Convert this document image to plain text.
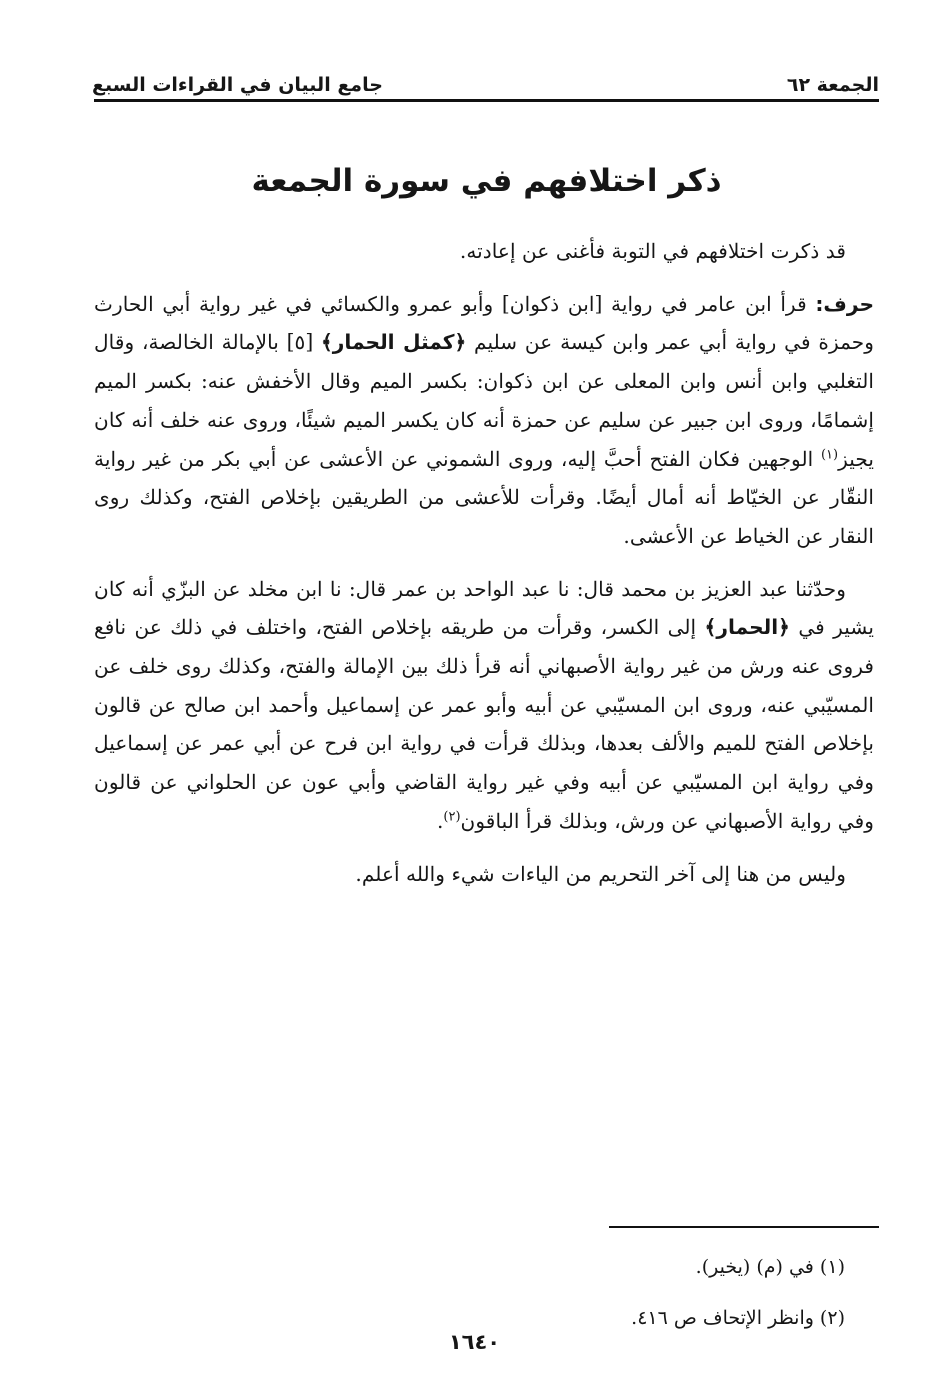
الجمعة ٦٢
جامع البيان في القراءات السبع
ذكر اختلافهم في سورة الجمعة

قد ذكرت اختلافهم في التوبة فأغنى عن إعادته.

حرف: قرأ ابن عامر في رواية [ابن ذكوان] وأبو عمرو والكسائي في غير رواية أبي الحارث وحمزة في رواية أبي عمر وابن كيسة عن سليم ﴿كمثل الحمار﴾ [٥] بالإمالة الخالصة، وقال التغلبي وابن أنس وابن المعلى عن ابن ذكوان: بكسر الميم وقال الأخفش عنه: بكسر الميم إشمامًا، وروى ابن جبير عن سليم عن حمزة أنه كان يكسر الميم شيئًا، وروى عنه خلف أنه كان يجيز$^{(١)}$ الوجهين فكان الفتح أحبَّ إليه، وروى الشموني عن الأعشى عن أبي بكر من غير رواية النقّار عن الخيّاط أنه أمال أيضًا. وقرأت للأعشى من الطريقين بإخلاص الفتح، وكذلك روى النقار عن الخياط عن الأعشى.

وحدّثنا عبد العزيز بن محمد قال: نا عبد الواحد بن عمر قال: نا ابن مخلد عن البزّي أنه كان يشير في ﴿الحمار﴾ إلى الكسر، وقرأت من طريقه بإخلاص الفتح، واختلف في ذلك عن نافع فروى عنه ورش من غير رواية الأصبهاني أنه قرأ ذلك بين الإمالة والفتح، وكذلك روى خلف عن المسيّبي عنه، وروى ابن المسيّبي عن أبيه وأبو عمر عن إسماعيل وأحمد ابن صالح عن قالون بإخلاص الفتح للميم والألف بعدها، وبذلك قرأت في رواية ابن فرح عن أبي عمر عن إسماعيل وفي رواية ابن المسيّبي عن أبيه وفي غير رواية القاضي وأبي عون عن الحلواني عن قالون وفي رواية الأصبهاني عن ورش، وبذلك قرأ الباقون$^{(٢)}$.

وليس من هنا إلى آخر التحريم من الياءات شيء والله أعلم.

(١) في (م) (يخير).
(٢) وانظر الإتحاف ص ٤١٦.
١٦٤٠
